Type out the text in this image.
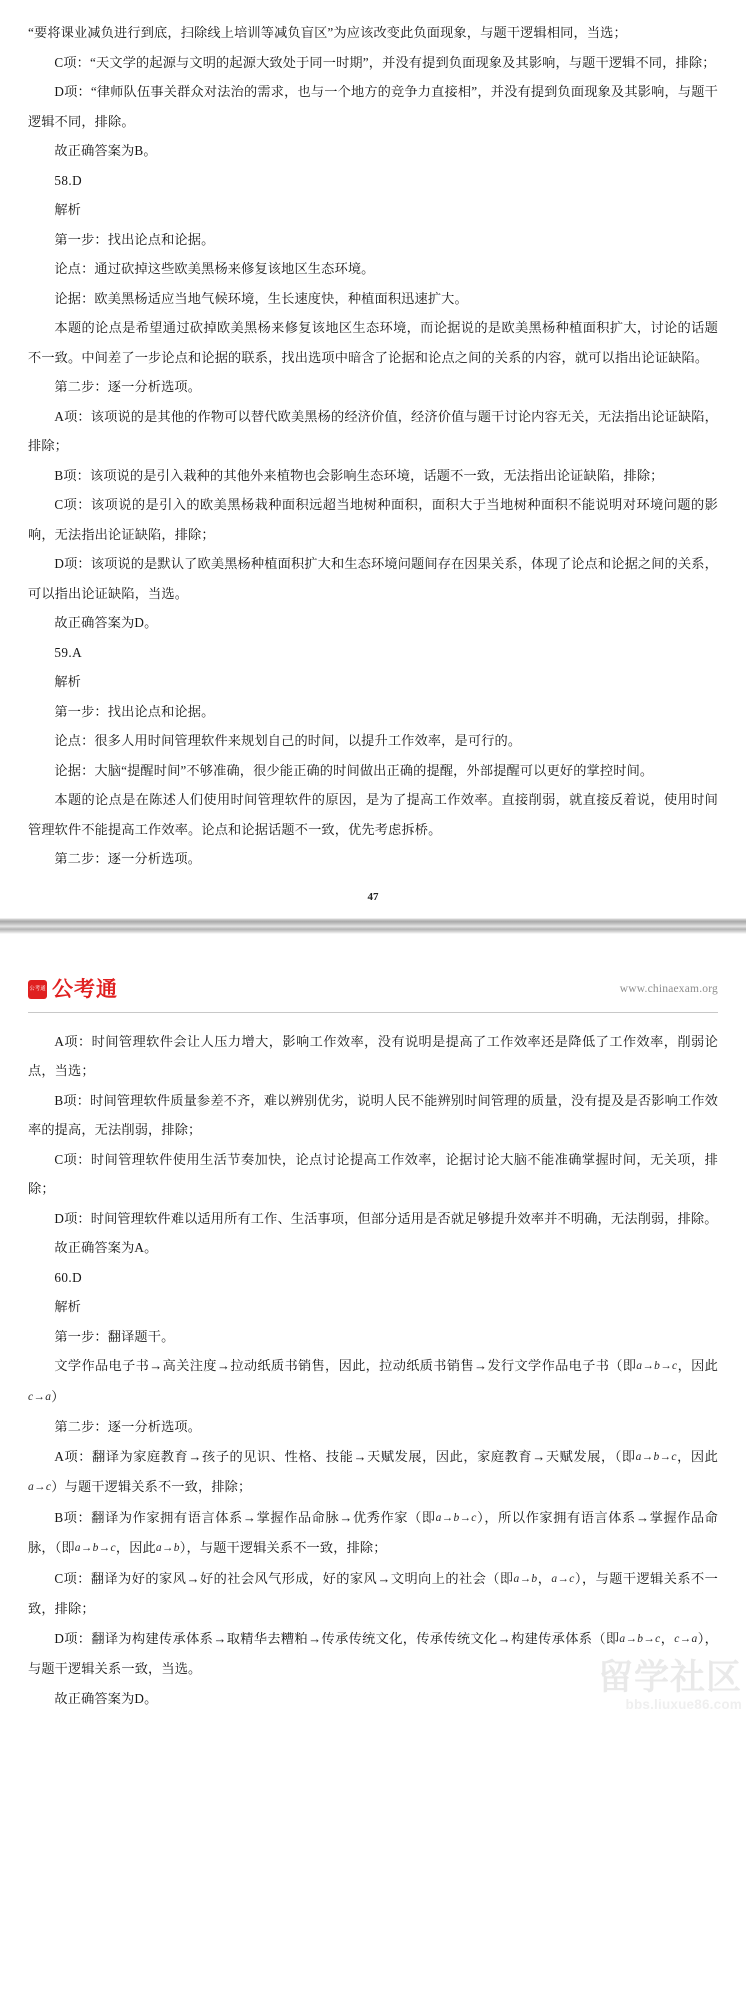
“要将课业减负进行到底，扫除线上培训等减负盲区”为应该改变此负面现象，与题干逻辑相同，当选；

C项：“天文学的起源与文明的起源大致处于同一时期”，并没有提到负面现象及其影响，与题干逻辑不同，排除；

D项：“律师队伍事关群众对法治的需求，也与一个地方的竞争力直接相”，并没有提到负面现象及其影响，与题干逻辑不同，排除。

故正确答案为B。

58.D

解析

第一步：找出论点和论据。

论点：通过砍掉这些欧美黑杨来修复该地区生态环境。

论据：欧美黑杨适应当地气候环境，生长速度快，种植面积迅速扩大。

本题的论点是希望通过砍掉欧美黑杨来修复该地区生态环境，而论据说的是欧美黑杨种植面积扩大，讨论的话题不一致。中间差了一步论点和论据的联系，找出选项中暗含了论据和论点之间的关系的内容，就可以指出论证缺陷。

第二步：逐一分析选项。

A项：该项说的是其他的作物可以替代欧美黑杨的经济价值，经济价值与题干讨论内容无关，无法指出论证缺陷，排除；

B项：该项说的是引入栽种的其他外来植物也会影响生态环境，话题不一致，无法指出论证缺陷，排除；

C项：该项说的是引入的欧美黑杨栽种面积远超当地树种面积，面积大于当地树种面积不能说明对环境问题的影响，无法指出论证缺陷，排除；

D项：该项说的是默认了欧美黑杨种植面积扩大和生态环境问题间存在因果关系，体现了论点和论据之间的关系，可以指出论证缺陷，当选。

故正确答案为D。

59.A

解析

第一步：找出论点和论据。

论点：很多人用时间管理软件来规划自己的时间，以提升工作效率，是可行的。

论据：大脑“提醒时间”不够准确，很少能正确的时间做出正确的提醒，外部提醒可以更好的掌控时间。

本题的论点是在陈述人们使用时间管理软件的原因，是为了提高工作效率。直接削弱，就直接反着说，使用时间管理软件不能提高工作效率。论点和论据话题不一致，优先考虑拆桥。

第二步：逐一分析选项。

47
公考通 公考通	www.chinaexam.org

A项：时间管理软件会让人压力增大，影响工作效率，没有说明是提高了工作效率还是降低了工作效率，削弱论点，当选；

B项：时间管理软件质量参差不齐，难以辨别优劣，说明人民不能辨别时间管理的质量，没有提及是否影响工作效率的提高，无法削弱，排除；

C项：时间管理软件使用生活节奏加快，论点讨论提高工作效率，论据讨论大脑不能准确掌握时间，无关项，排除；

D项：时间管理软件难以适用所有工作、生活事项，但部分适用是否就足够提升效率并不明确，无法削弱，排除。

故正确答案为A。

60.D

解析

第一步：翻译题干。

文学作品电子书→高关注度→拉动纸质书销售，因此，拉动纸质书销售→发行文学作品电子书（即a→b→c，因此c→a）

第二步：逐一分析选项。

A项：翻译为家庭教育→孩子的见识、性格、技能→天赋发展，因此，家庭教育→天赋发展，（即a→b→c，因此a→c）与题干逻辑关系不一致，排除；

B项：翻译为作家拥有语言体系→掌握作品命脉→优秀作家（即a→b→c），所以作家拥有语言体系→掌握作品命脉，（即a→b→c，因此a→b），与题干逻辑关系不一致，排除；

C项：翻译为好的家风→好的社会风气形成，好的家风→文明向上的社会（即a→b，a→c），与题干逻辑关系不一致，排除；

D项：翻译为构建传承体系→取精华去糟粕→传承传统文化，传承传统文化→构建传承体系（即a→b→c，c→a），与题干逻辑关系一致，当选。

故正确答案为D。

留学社区
bbs.liuxue86.com
